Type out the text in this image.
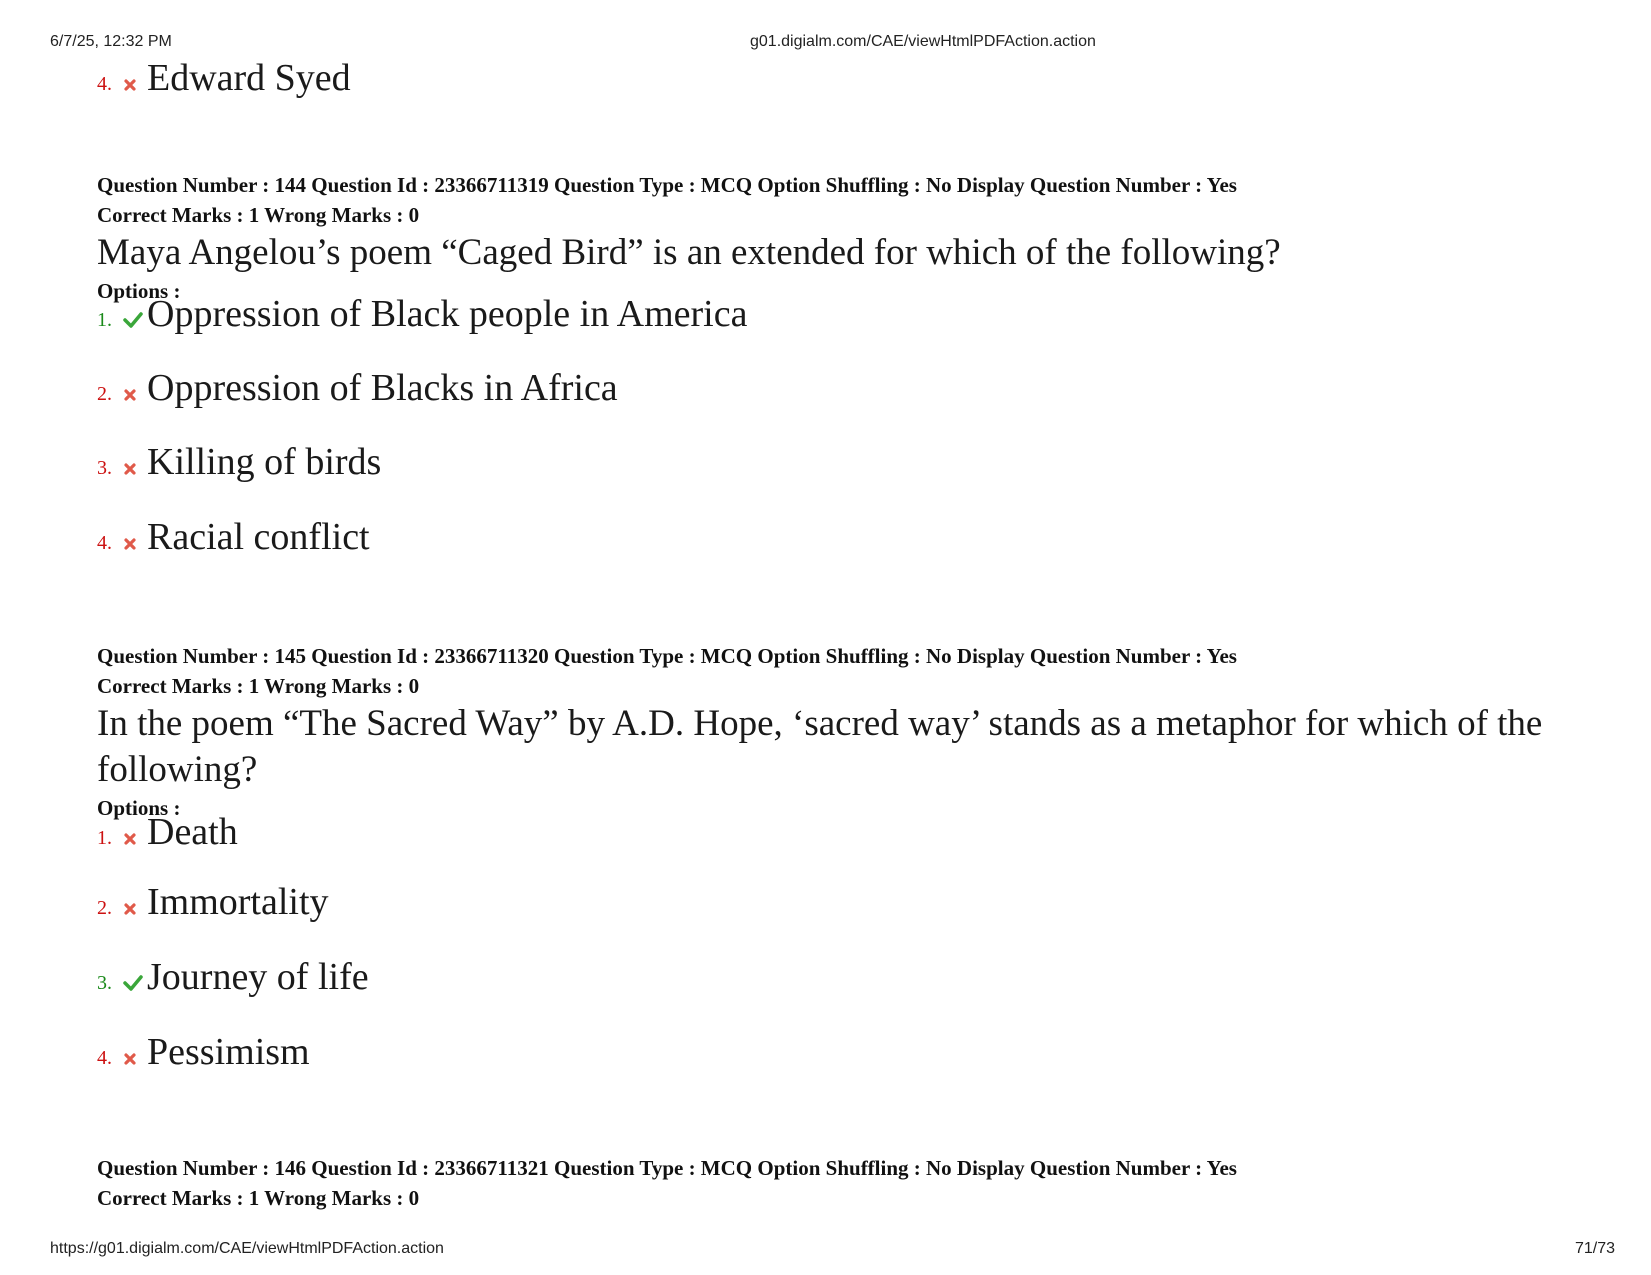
6/7/25, 12:32 PM	g01.digialm.com/CAE/viewHtmlPDFAction.action
4. Edward Syed
Question Number : 144 Question Id : 23366711319 Question Type : MCQ Option Shuffling : No Display Question Number : Yes
Correct Marks : 1 Wrong Marks : 0
Maya Angelou’s poem “Caged Bird” is an extended for which of the following?
Options :
1. Oppression of Black people in America
2. Oppression of Blacks in Africa
3. Killing of birds
4. Racial conflict
Question Number : 145 Question Id : 23366711320 Question Type : MCQ Option Shuffling : No Display Question Number : Yes
Correct Marks : 1 Wrong Marks : 0
In the poem “The Sacred Way” by A.D. Hope, ‘sacred way’ stands as a metaphor for which of the following?
Options :
1. Death
2. Immortality
3. Journey of life
4. Pessimism
Question Number : 146 Question Id : 23366711321 Question Type : MCQ Option Shuffling : No Display Question Number : Yes
Correct Marks : 1 Wrong Marks : 0
https://g01.digialm.com/CAE/viewHtmlPDFAction.action	71/73
